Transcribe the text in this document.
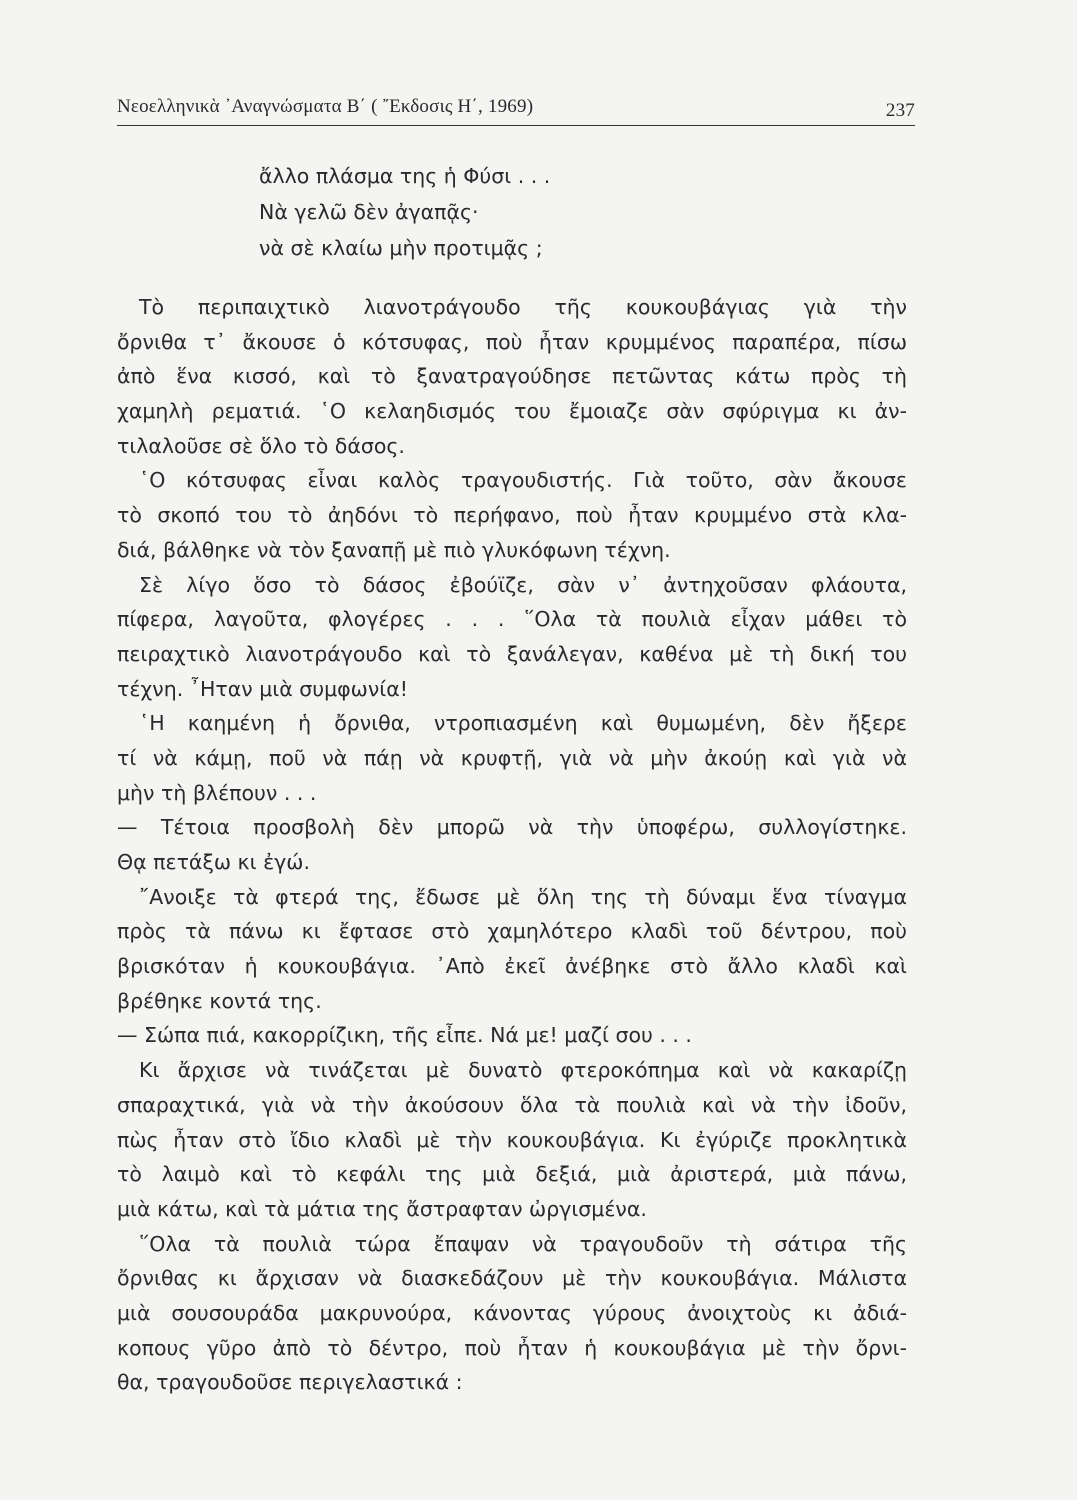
Νεοελληνικὰ ᾿Αναγνώσματα Β΄ ( ῎Εκδοσις Η΄, 1969)	237
ἄλλο πλάσμα της ἡ Φύσι . . .
Νὰ γελῶ δὲν ἀγαπᾷς·
νὰ σὲ κλαίω μὴν προτιμᾷς ;
Τὸ περιπαιχτικὸ λιανοτράγουδο τῆς κουκουβάγιας γιὰ τὴν
ὄρνιθα τ᾿ ἄκουσε ὁ κότσυφας, ποὺ ἦταν κρυμμένος παραπέρα, πίσω
ἀπὸ ἕνα κισσό, καὶ τὸ ξανατραγούδησε πετῶντας κάτω πρὸς τὴ
χαμηλὴ ρεματιά. ῾Ο κελαηδισμός του ἔμοιαζε σὰν σφύριγμα κι ἀν-
τιλαλοῦσε σὲ ὅλο τὸ δάσος.
῾Ο κότσυφας εἶναι καλὸς τραγουδιστής. Γιὰ τοῦτο, σὰν ἄκουσε
τὸ σκοπό του τὸ ἀηδόνι τὸ περήφανο, ποὺ ἦταν κρυμμένο στὰ κλα-
διά, βάλθηκε νὰ τὸν ξαναπῇ μὲ πιὸ γλυκόφωνη τέχνη.
Σὲ λίγο ὅσο τὸ δάσος ἐβούϊζε, σὰν ν᾿ ἀντηχοῦσαν φλάουτα,
πίφερα, λαγοῦτα, φλογέρες . . . ῞Ολα τὰ πουλιὰ εἶχαν μάθει τὸ
πειραχτικὸ λιανοτράγουδο καὶ τὸ ξανάλεγαν, καθένα μὲ τὴ δική του
τέχνη. ῏Ηταν μιὰ συμφωνία!
῾Η καημένη ἡ ὄρνιθα, ντροπιασμένη καὶ θυμωμένη, δὲν ἤξερε
τί νὰ κάμῃ, ποῦ νὰ πάῃ νὰ κρυφτῇ, γιὰ νὰ μὴν ἀκούῃ καὶ γιὰ νὰ
μὴν τὴ βλέπουν . . .
— Τέτοια προσβολὴ δὲν μπορῶ νὰ τὴν ὑποφέρω, συλλογίστηκε.
Θᾳ πετάξω κι ἐγώ.
῎Ανοιξε τὰ φτερά της, ἔδωσε μὲ ὅλη της τὴ δύναμι ἕνα τίναγμα
πρὸς τὰ πάνω κι ἔφτασε στὸ χαμηλότερο κλαδὶ τοῦ δέντρου, ποὺ
βρισκόταν ἡ κουκουβάγια. ᾿Απὸ ἐκεῖ ἀνέβηκε στὸ ἄλλο κλαδὶ καὶ
βρέθηκε κοντά της.
— Σώπα πιά, κακορρίζικη, τῆς εἶπε. Νά με! μαζί σου . . .
Κι ἄρχισε νὰ τινάζεται μὲ δυνατὸ φτεροκόπημα καὶ νὰ κακαρίζῃ
σπαραχτικά, γιὰ νὰ τὴν ἀκούσουν ὅλα τὰ πουλιὰ καὶ νὰ τὴν ἰδοῦν,
πὼς ἦταν στὸ ἴδιο κλαδὶ μὲ τὴν κουκουβάγια. Κι ἐγύριζε προκλητικὰ
τὸ λαιμὸ καὶ τὸ κεφάλι της μιὰ δεξιά, μιὰ ἀριστερά, μιὰ πάνω,
μιὰ κάτω, καὶ τὰ μάτια της ἄστραφταν ὠργισμένα.
῞Ολα τὰ πουλιὰ τώρα ἔπαψαν νὰ τραγουδοῦν τὴ σάτιρα τῆς
ὄρνιθας κι ἄρχισαν νὰ διασκεδάζουν μὲ τὴν κουκουβάγια. Μάλιστα
μιὰ σουσουράδα μακρυνούρα, κάνοντας γύρους ἀνοιχτοὺς κι ἀδιά-
κοπους γῦρο ἀπὸ τὸ δέντρο, ποὺ ἦταν ἡ κουκουβάγια μὲ τὴν ὄρνι-
θα, τραγουδοῦσε περιγελαστικά :
